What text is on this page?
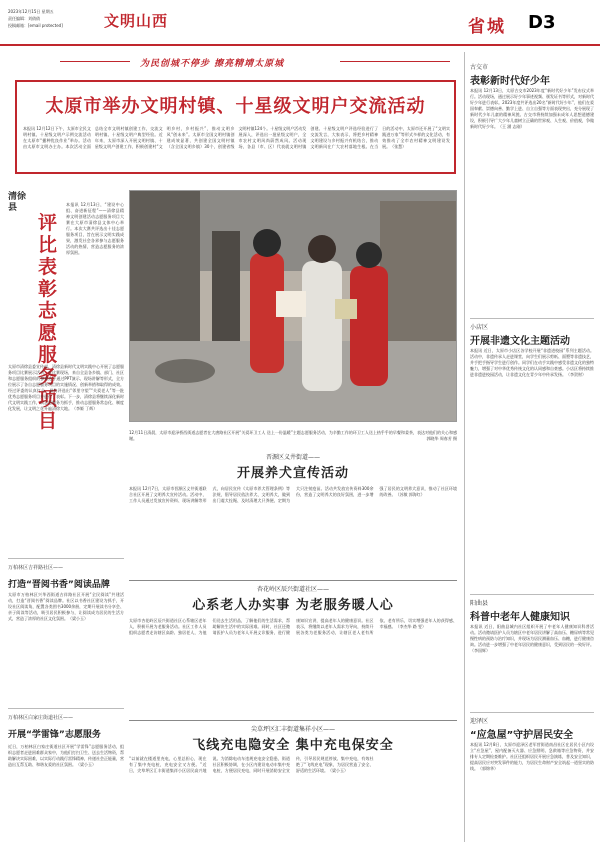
2023年12月15日 星期五
责任编辑：刘倩倩
投稿邮箱：[email protected]	文明山西	省城 D3
为民创城不停步 擦亮精靖太原城
太原市举办文明村镇、十星级文明户交流活动
本报讯 12月12日下午，太原市全民文明村镇、十星级文明户示例交流活动在太原市“播种优良作业”举办。活动由太原市文明办主办。本次活动全面总结全市文明村镇创建工作，交流文明村镇、十星级文明户典型经验。近年来，太原市深入开展文明村镇、十星级文明户创建工作，积极创建村“文明乡村，乡村振兴”，推动文明乡风“创未来”。太原市全国文明村镇创建成效显著，共创建全国文明村镇（含全国文明乡镇）30个，创建省级文明村镇124个。十星级文明户活动发展深入，评选出一批星级文明户，全市农村文明风尚蔚然成风。活动现场，各县（市、区）代表就文明村镇创建、十星级文明户评选经验进行了交流发言，大家表示，将把乡村精神文明建设与乡村振兴有机结合，推动文明新风在广大农村落地生根。在当日的活动中，太原市还开展了“文明实践进万家”等形式多样的文化活动，有效推动了全市农村精神文明建设发展。（张慧）
清徐县
评比表彰志愿服务项目
本报讯 12月13日，“建设中心组、奋进新征程”——清徐县精神文明创建活动志愿服务项目大赛在大原市清徐县文体中心举行。本次大赛共评选出十佳志愿服务项目，旨在展示文明实践成果，激发社会各界参与志愿服务活动的热情，营造志愿服务的浓厚氛围。
太原市清徐县委宣传部、清徐县新时代文明实践中心开展了志愿服务项目比赛展示活动，在比赛现场，来自全县各乡镇、部门、社区和志愿服务组织的参赛选手通过PPT演示、现场讲解等形式，全方位展示了各自志愿服务项目的实施情况、创新举措和取得的成效。经过评委的认真打分，最终评选出“邻里守望”“关爱老人”等一批优秀志愿服务项目并进行了表彰。下一步，清徐县将继续深化新时代文明实践工作，以志愿服务为抓手，推动志愿服务常态化、制度化发展，让文明之花开遍清徐大地。（李姬 丁辉）
万柏林区吉祥路社区——
打造“晋阅书香”阅读品牌
太原市万柏林区兴华西街道吉祥路社区开展“全民阅读”共建活动，打造“晋阅书香”阅读品牌。社区以书香社区建设为抓手，开设社区阅读角，配置各类图书3000余册，定期开展读书分享会、亲子阅读等活动，吸引居民积极参与，让阅读成为居民的生活方式，营造了浓厚的社区文化氛围。（梁小玉）
万柏林区白家庄街道社区——
开展“学雷锋”志愿服务
近日，万柏林区白家庄街道社区开展“学雷锋”志愿服务活动，组织志愿者走进困难群众家中，为他们打扫卫生、送去生活物资，帮助解决实际困难，以实际行动践行雷锋精神，传递社会正能量，营造出互帮互助、和谐友爱的社区氛围。（梁小玉）
12月11日清晨，太原市迎泽桥西街道志愿者在大唐路社区开展“关爱环卫工人 送上一份温暖”主题志愿服务活动，为辛勤工作的环卫工人送上热乎乎的早餐和姜茶，表达对他们的关心和感谢。	郭晓华 周春芳 摄
晋源区义井街道——
开展养犬宣传活动
本报讯 12月7日，太原市晋源区义井街道联合社区开展了文明养犬宣传活动。活动中，工作人员通过发放宣传资料、现场讲解等形式，向居民宣传《太原市养犬管理条例》等法规，倡导居民依法养犬、文明养犬，做到出门遛犬拴绳、及时清理犬只粪便、定期为犬只注射疫苗。活动共发放宣传资料300余份，营造了文明养犬的良好氛围，进一步增强了居民的文明养犬意识，推动了社区环境的改善。（苏敏 郭海红）
杏花岭区辰兴街道社区——
心系老人办实事 为老服务暖人心
太原市杏花岭区辰兴街道社区心系辖区老年人，积极开展为老服务活动。社区工作人员组织志愿者走访辖区高龄、独居老人，为他们送去生活用品，了解他们的生活需求，帮助解决生活中的实际困难。同时，社区还邀请医护人员为老年人开展义诊服务，进行健康知识宣讲，提高老年人的健康意识。社区表示，将继续以老年人需求为导向，持续开展各类为老服务活动，让辖区老人老有所依、老有所乐，切实增强老年人的获得感、幸福感。（李杰华 路 雯）
尖草坪区汇丰街道集祥小区——
飞线充电隐安全 集中充电保安全
“以前就在楼道里充电，心里总担心，现在有了集中充电桩，充电安全又方便。”近日，尖草坪区汇丰街道集祥小区居民高兴地说。为消除电动车违规充电安全隐患，街道社区积极协调，在小区内建设电动车集中充电桩，方便居民充电，同时开展消防安全宣传，引导居民规范停放、集中充电，有效杜绝了“飞线充电”现象，为居民营造了安全、舒适的生活环境。（梁小玉）
古交市
表彰新时代好少年
本报讯 12月13日，太原古交市2023年度“新时代好少年”发布仪式举行。活动现场，通过展示好少年事迹视频、颁发证书等形式，对新时代好少年进行表彰。2023年度共评选出20名“新时代好少年”，他们在爱国奉献、崇德向善、勤学上进、自立自强等方面表现突出，充分展现了新时代少年儿童的精神风貌。古交市将持续加强未成年人思想道德建设，积极引导广大少年儿童树立正确的世界观、人生观、价值观，争做新时代好少年。（王 涵 志刚）
小店区
开展非遗文化主题活动
本报讯 近日，太原市小店区各学校开展“非遗进校园”系列主题活动。活动中，非遗传承人走进课堂，向学生们展示剪纸、面塑等非遗技艺，并手把手指导学生进行创作。同学们在动手实践中感受非遗文化的独特魅力，增强了对中华优秀传统文化的认同感和自豪感。小店区将持续推进非遗进校园活动，让非遗文化在青少年中传承发扬。（李贺财）
阳曲县
科普中老年人健康知识
本报讯 近日，阳曲县城内社区组织开展了中老年人健康知识科普活动。活动邀请医护人员为辖区中老年居民讲解了高血压、糖尿病等常见慢性病的预防与治疗知识，并现场为居民测量血压、血糖，进行健康咨询。活动进一步增强了中老年居民的健康意识，受到居民的一致好评。（李国辉）
迎泽区
“应急屋”守护居民安全
本报讯 12月8日，太原市迎泽区老军营街道南昌社区在居民小区内设立“应急屋”，屋内配备灭火器、应急照明、急救箱等应急物资，并安排专人定期检查维护。社区还组织居民开展应急演练，普及安全知识，提高居民应对突发事件的能力，为居民生命财产安全筑起一道坚实的防线。（郭锦华）
